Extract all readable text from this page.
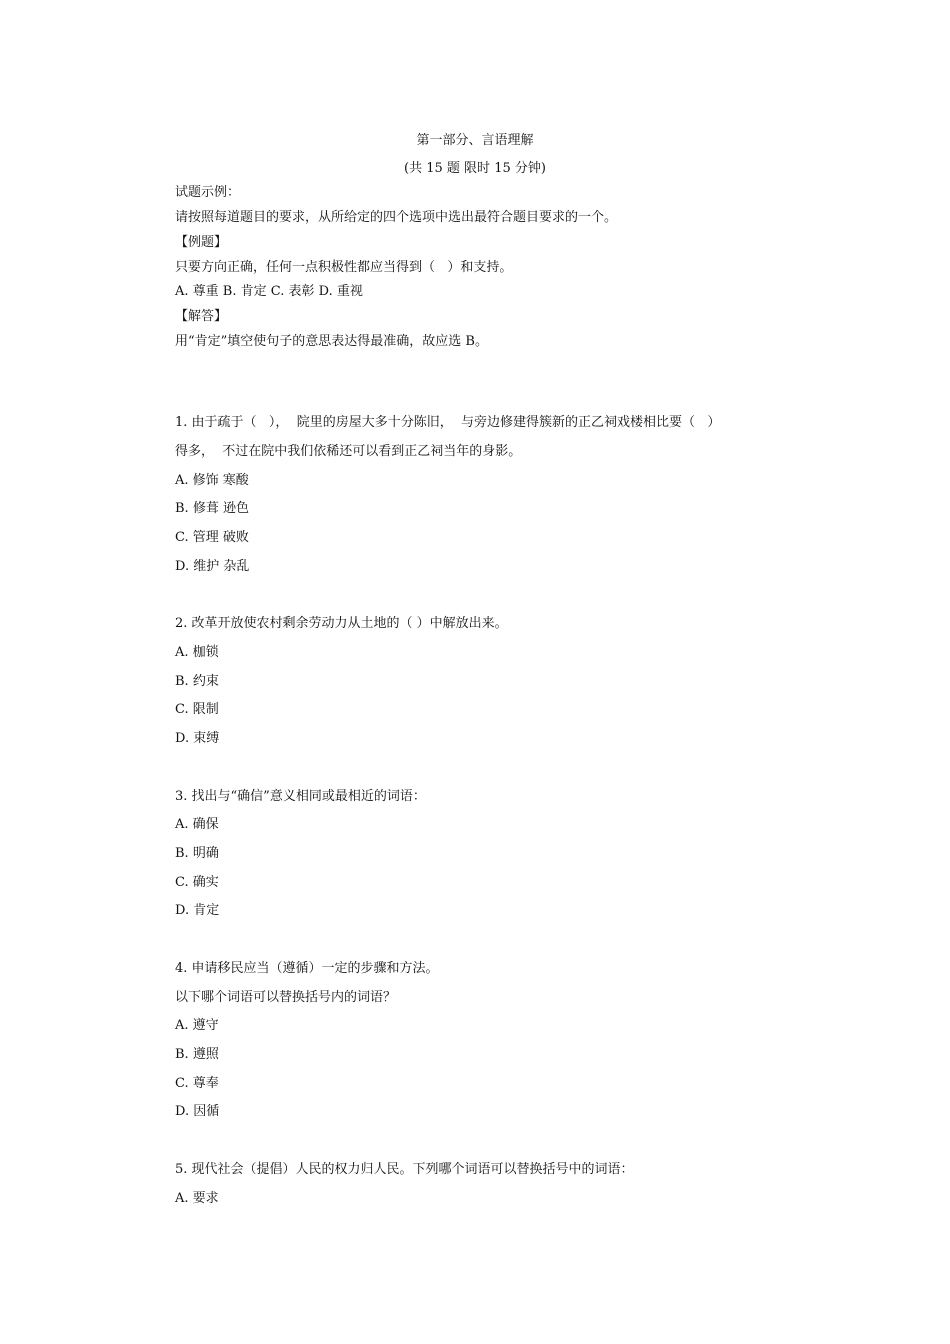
第一部分、言语理解
(共 15 题 限时 15 分钟)
试题示例：
请按照每道题目的要求，从所给定的四个选项中选出最符合题目要求的一个。
【例题】
只要方向正确，任何一点积极性都应当得到（   ）和支持。
A. 尊重 B. 肯定 C. 表彰 D. 重视
【解答】
用“肯定”填空使句子的意思表达得最准确，故应选 B。
1. 由于疏于（   ），  院里的房屋大多十分陈旧，  与旁边修建得簇新的正乙祠戏楼相比要（   ）
得多，  不过在院中我们依稀还可以看到正乙祠当年的身影。
A. 修饰 寒酸
B. 修葺 逊色
C. 管理 破败
D. 维护 杂乱
2. 改革开放使农村剩余劳动力从土地的（ ）中解放出来。
A. 枷锁
B. 约束
C. 限制
D. 束缚
3. 找出与“确信”意义相同或最相近的词语：
A. 确保
B. 明确
C. 确实
D. 肯定
4. 申请移民应当（遵循）一定的步骤和方法。
以下哪个词语可以替换括号内的词语？
A. 遵守
B. 遵照
C. 尊奉
D. 因循
5. 现代社会（提倡）人民的权力归人民。下列哪个词语可以替换括号中的词语：
A. 要求
